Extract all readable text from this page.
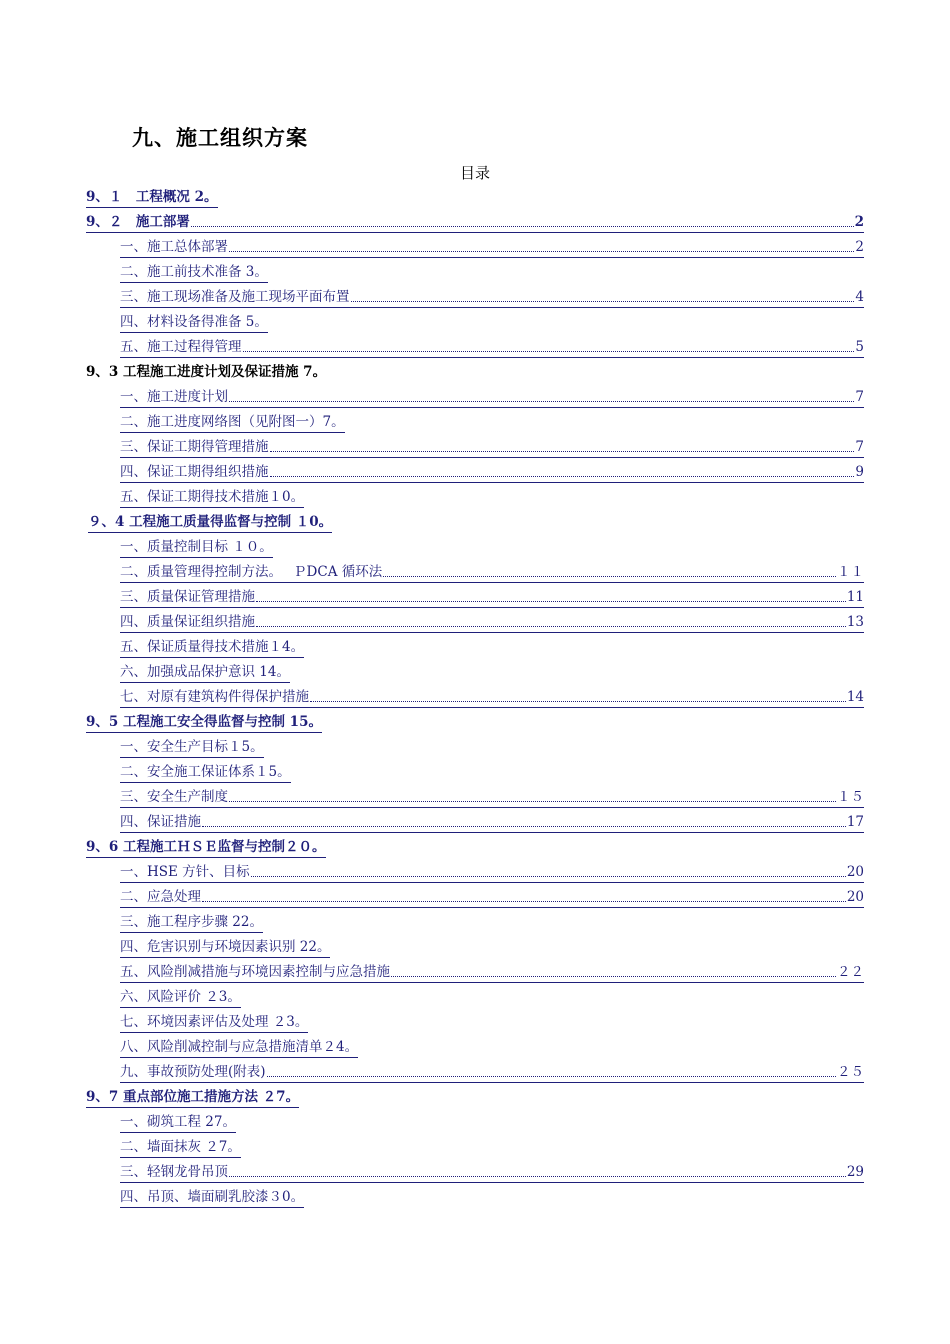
九、施工组织方案
目录
9、１　工程概况 2。
9、２　施工部署	2
一、施工总体部署	2
二、施工前技术准备 3。
三、施工现场准备及施工现场平面布置	4
四、材料设备得准备 5。
五、施工过程得管理	5
9、3 工程施工进度计划及保证措施 7。
一、施工进度计划	7
二、施工进度网络图（见附图一）7。
三、保证工期得管理措施	7
四、保证工期得组织措施	9
五、保证工期得技术措施１0。
９、4 工程施工质量得监督与控制 １0。
一、质量控制目标 １０。
二、质量管理得控制方法。　 ＰDCA 循环法	１１
三、质量保证管理措施	11
四、质量保证组织措施	13
五、保证质量得技术措施１4。
六、加强成品保护意识 14。
七、对原有建筑构件得保护措施	14
9、5 工程施工安全得监督与控制 15。
一、安全生产目标１5。
二、安全施工保证体系１5。
三、安全生产制度	１５
四、保证措施	17
9、6 工程施工ＨＳＥ监督与控制２０。
一、HSE 方针、目标	20
二、应急处理	20
三、施工程序步骤 22。
四、危害识别与环境因素识别 22。
五、风险削减措施与环境因素控制与应急措施	２２
六、风险评价 ２3。
七、环境因素评估及处理 ２3。
八、风险削减控制与应急措施清单２4。
九、事故预防处理(附表)	２５
9、7 重点部位施工措施方法 ２7。
一、砌筑工程 27。
二、墙面抹灰 ２7。
三、轻钢龙骨吊顶	29
四、吊顶、墙面刷乳胶漆３0。
